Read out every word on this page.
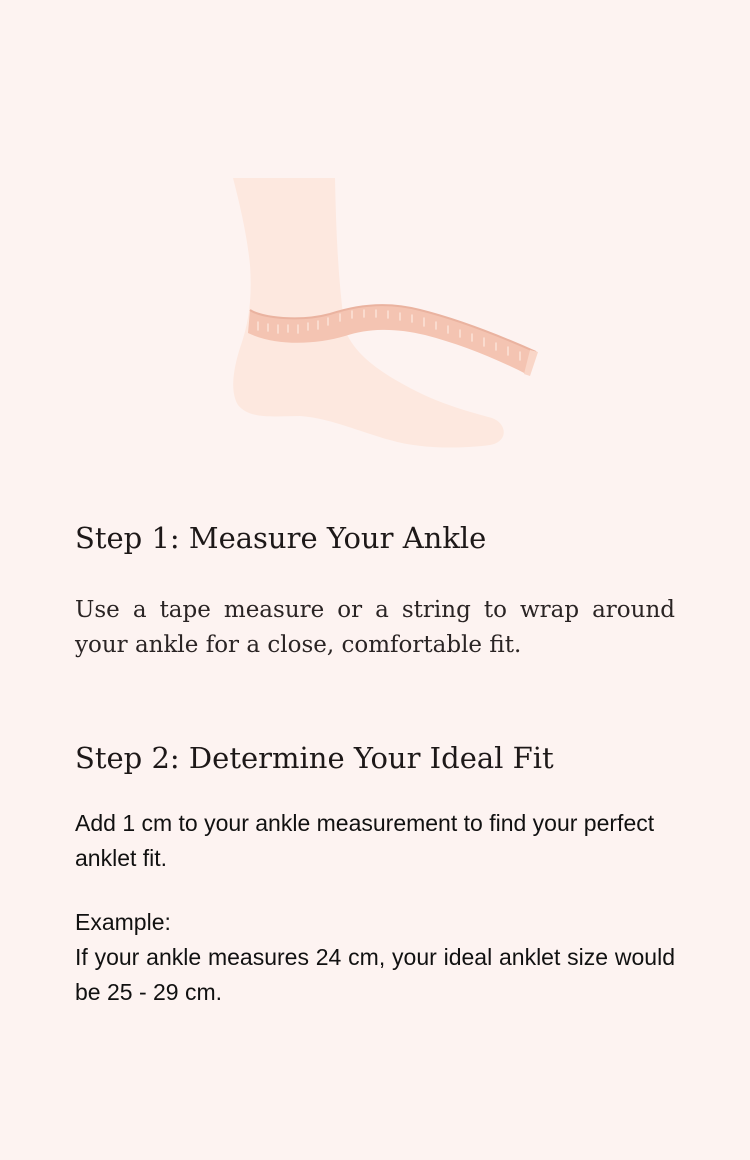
Step 1: Measure Your Ankle

Use a tape measure or a string to wrap around your ankle for a close, comfortable fit.

Step 2: Determine Your Ideal Fit

Add 1 cm to your ankle measurement to find your perfect anklet fit.

Example:

If your ankle measures 24 cm, your ideal anklet size would be 25 - 29 cm.
